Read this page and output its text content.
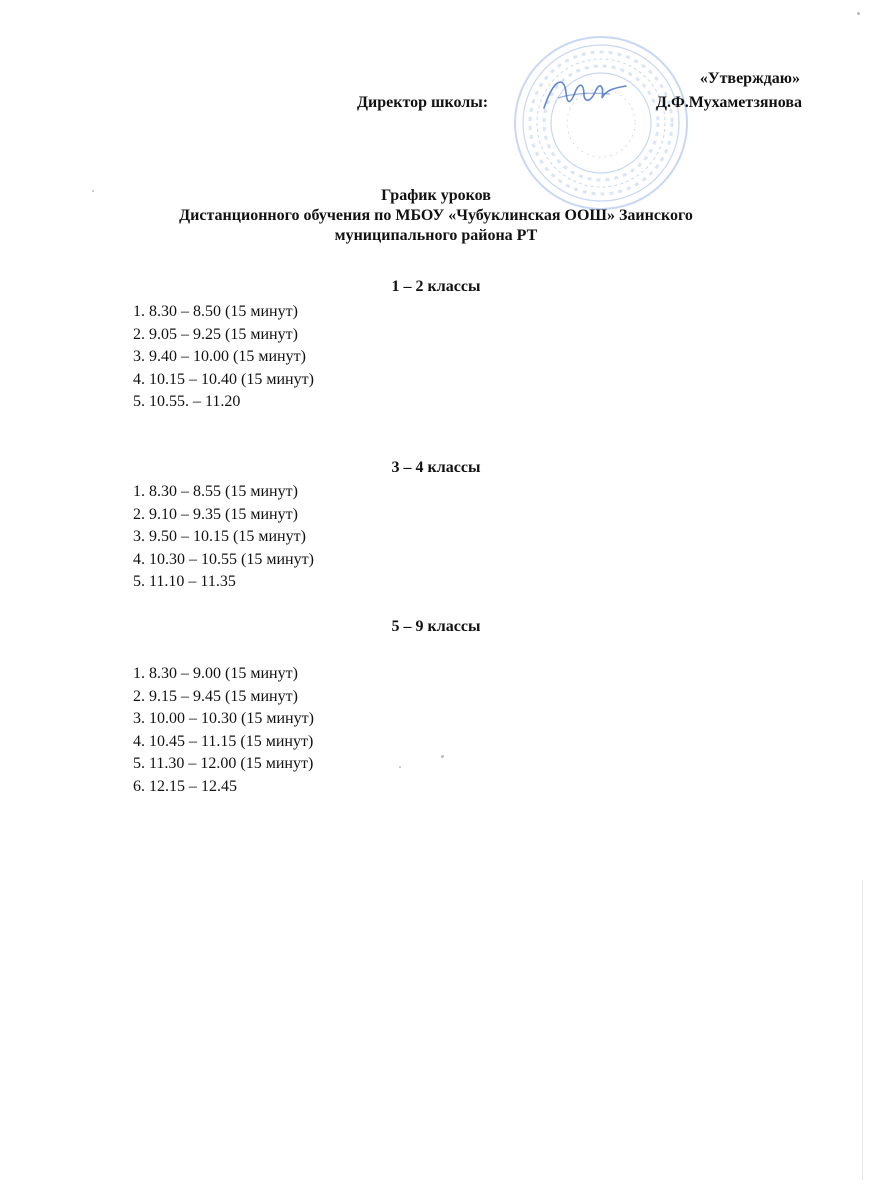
«Утверждаю»
Директор школы:	Д.Ф.Мухаметзянова
График уроков
Дистанционного обучения по МБОУ «Чубуклинская ООШ» Заинского
муниципального района РТ
1 – 2 классы
1. 8.30 – 8.50 (15 минут)
2. 9.05 – 9.25 (15 минут)
3. 9.40 – 10.00 (15 минут)
4. 10.15 – 10.40 (15 минут)
5. 10.55. – 11.20
3 – 4 классы
1. 8.30 – 8.55 (15 минут)
2. 9.10 – 9.35 (15 минут)
3. 9.50 – 10.15 (15 минут)
4. 10.30 – 10.55 (15 минут)
5. 11.10 – 11.35
5 – 9 классы
1. 8.30 – 9.00 (15 минут)
2. 9.15 – 9.45 (15 минут)
3. 10.00 – 10.30 (15 минут)
4. 10.45 – 11.15 (15 минут)
5. 11.30 – 12.00 (15 минут)
6. 12.15 – 12.45
